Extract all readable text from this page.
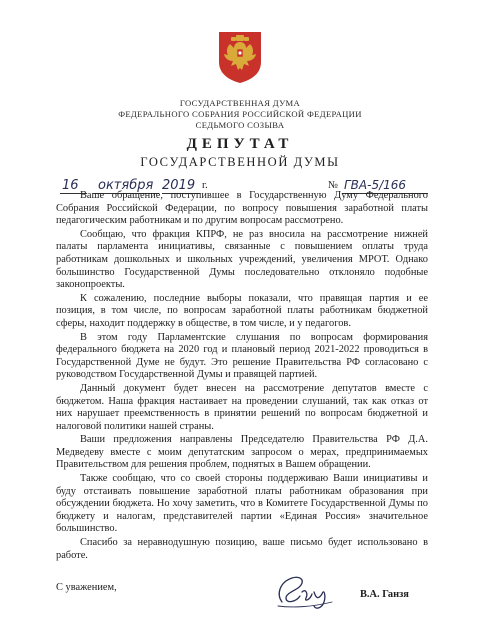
ГОСУДАРСТВЕННАЯ ДУМА
ФЕДЕРАЛЬНОГО СОБРАНИЯ РОССИЙСКОЙ ФЕДЕРАЦИИ
СЕДЬМОГО СОЗЫВА
ДЕПУТАТ
ГОСУДАРСТВЕННОЙ ДУМЫ
16 октября 2019 г.	№ ГВА-5/166

Ваше обращение, поступившее в Государственную Думу Федерального Собрания Российской Федерации, по вопросу повышения заработной платы педагогическим работникам и по другим вопросам рассмотрено.

Сообщаю, что фракция КПРФ, не раз вносила на рассмотрение нижней палаты парламента инициативы, связанные с повышением оплаты труда работникам дошкольных и школьных учреждений, увеличения МРОТ. Однако большинство Государственной Думы последовательно отклоняло подобные законопроекты.

К сожалению, последние выборы показали, что правящая партия и ее позиция, в том числе, по вопросам заработной платы работникам бюджетной сферы, находит поддержку в обществе, в том числе, и у педагогов.

В этом году Парламентские слушания по вопросам формирования федерального бюджета на 2020 год и плановый период 2021-2022 проводиться в Государственной Думе не будут. Это решение Правительства РФ согласовано с руководством Государственной Думы и правящей партией.

Данный документ будет внесен на рассмотрение депутатов вместе с бюджетом. Наша фракция настаивает на проведении слушаний, так как отказ от них нарушает преемственность в принятии решений по вопросам бюджетной и налоговой политики нашей страны.

Ваши предложения направлены Председателю Правительства РФ Д.А. Медведеву вместе с моим депутатским запросом о мерах, предпринимаемых Правительством для решения проблем, поднятых в Вашем обращении.

Также сообщаю, что со своей стороны поддерживаю Ваши инициативы и буду отстаивать повышение заработной платы работникам образования при обсуждении бюджета. Но хочу заметить, что в Комитете Государственной Думы по бюджету и налогам, представителей партии «Единая Россия» значительное большинство.

Спасибо за неравнодушную позицию, ваше письмо будет использовано в работе.

С уважением,
В.А. Ганзя
